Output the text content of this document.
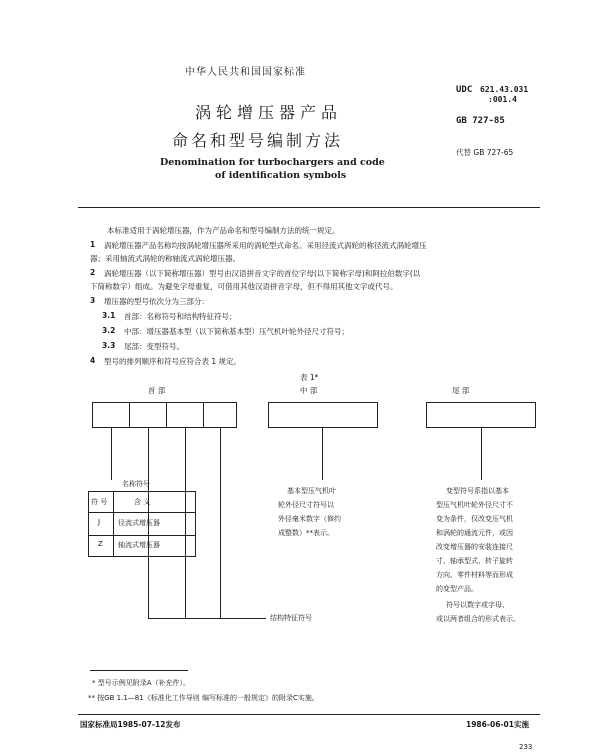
中华人民共和国国家标准
涡轮增压器产品
命名和型号编制方法
Denomination for turbochargers and code
of identification symbols
UDC 621.43.031
:001.4
GB 727-85
代替 GB 727-65
本标准适用于涡轮增压器，作为产品命名和型号编制方法的统一规定。
1 涡轮增压器产品名称均按涡轮增压器所采用的涡轮型式命名。采用径流式涡轮的称径流式涡轮增压
器；采用轴流式涡轮的称轴流式涡轮增压器。
2 涡轮增压器（以下简称增压器）型号由汉语拼音文字的首位字母(以下简称字母)和阿拉伯数字(以
下简称数字）组成。为避免字母重复，可借用其他汉语拼音字母，但不得用其他文字或代号。
3 增压器的型号依次分为三部分：
3.1 首部：名称符号和结构特征符号；
3.2 中部：增压器基本型（以下简称基本型）压气机叶轮外径尺寸符号；
3.3 尾部：变型符号。
4 型号的排列顺序和符号应符合表 1 规定。
表 1*
首 部	中 部	尾 部
结构特征符号
名称符号
符 号	含 义
J	径流式增压器
Z 轴流式增压器
基本型压气机叶
轮外径尺寸符号以
外径毫米数字（修约
成整数）**表示。
变型符号系指以基本
型压气机叶轮外径尺寸不
变为条件，仅改变压气机
和涡轮的通流元件，或因
改变增压器的安装连接尺
寸、轴承型式、转子旋转
方向、零件材料等而形成
的变型产品。
符号以数字或字母、
或以两者组合的形式表示。
* 型号示例见附录A（补充件）。
** 按GB 1.1—81《标准化工作导则 编写标准的一般规定》的附录C实施。
国家标准局1985-07-12发布	1986-06-01实施
233
